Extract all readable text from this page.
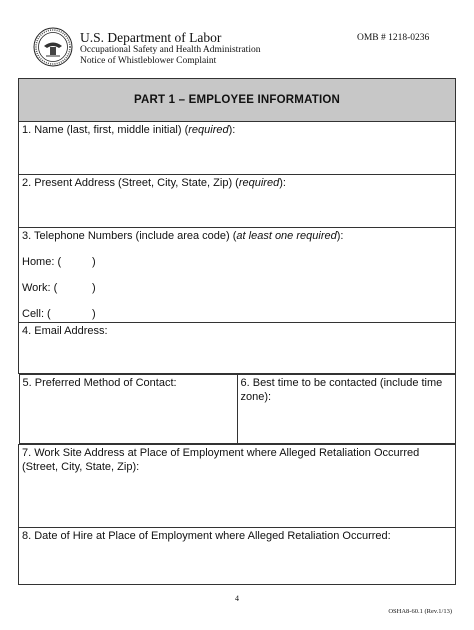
U.S. Department of Labor
Occupational Safety and Health Administration
Notice of Whistleblower Complaint
OMB # 1218-0236
PART 1 – EMPLOYEE INFORMATION
1. Name (last, first, middle initial) (required):
2. Present Address (Street, City, State, Zip) (required):

3. Telephone Numbers (include area code) (at least one required):
Home: (	)
Work: (	)
Cell: (	)

4. Email Address:

5. Preferred Method of Contact:	6. Best time to be contacted (include time zone):

7. Work Site Address at Place of Employment where Alleged Retaliation Occurred (Street, City, State, Zip):
8. Date of Hire at Place of Employment where Alleged Retaliation Occurred:
4
OSHA8-60.1 (Rev.1/13)
